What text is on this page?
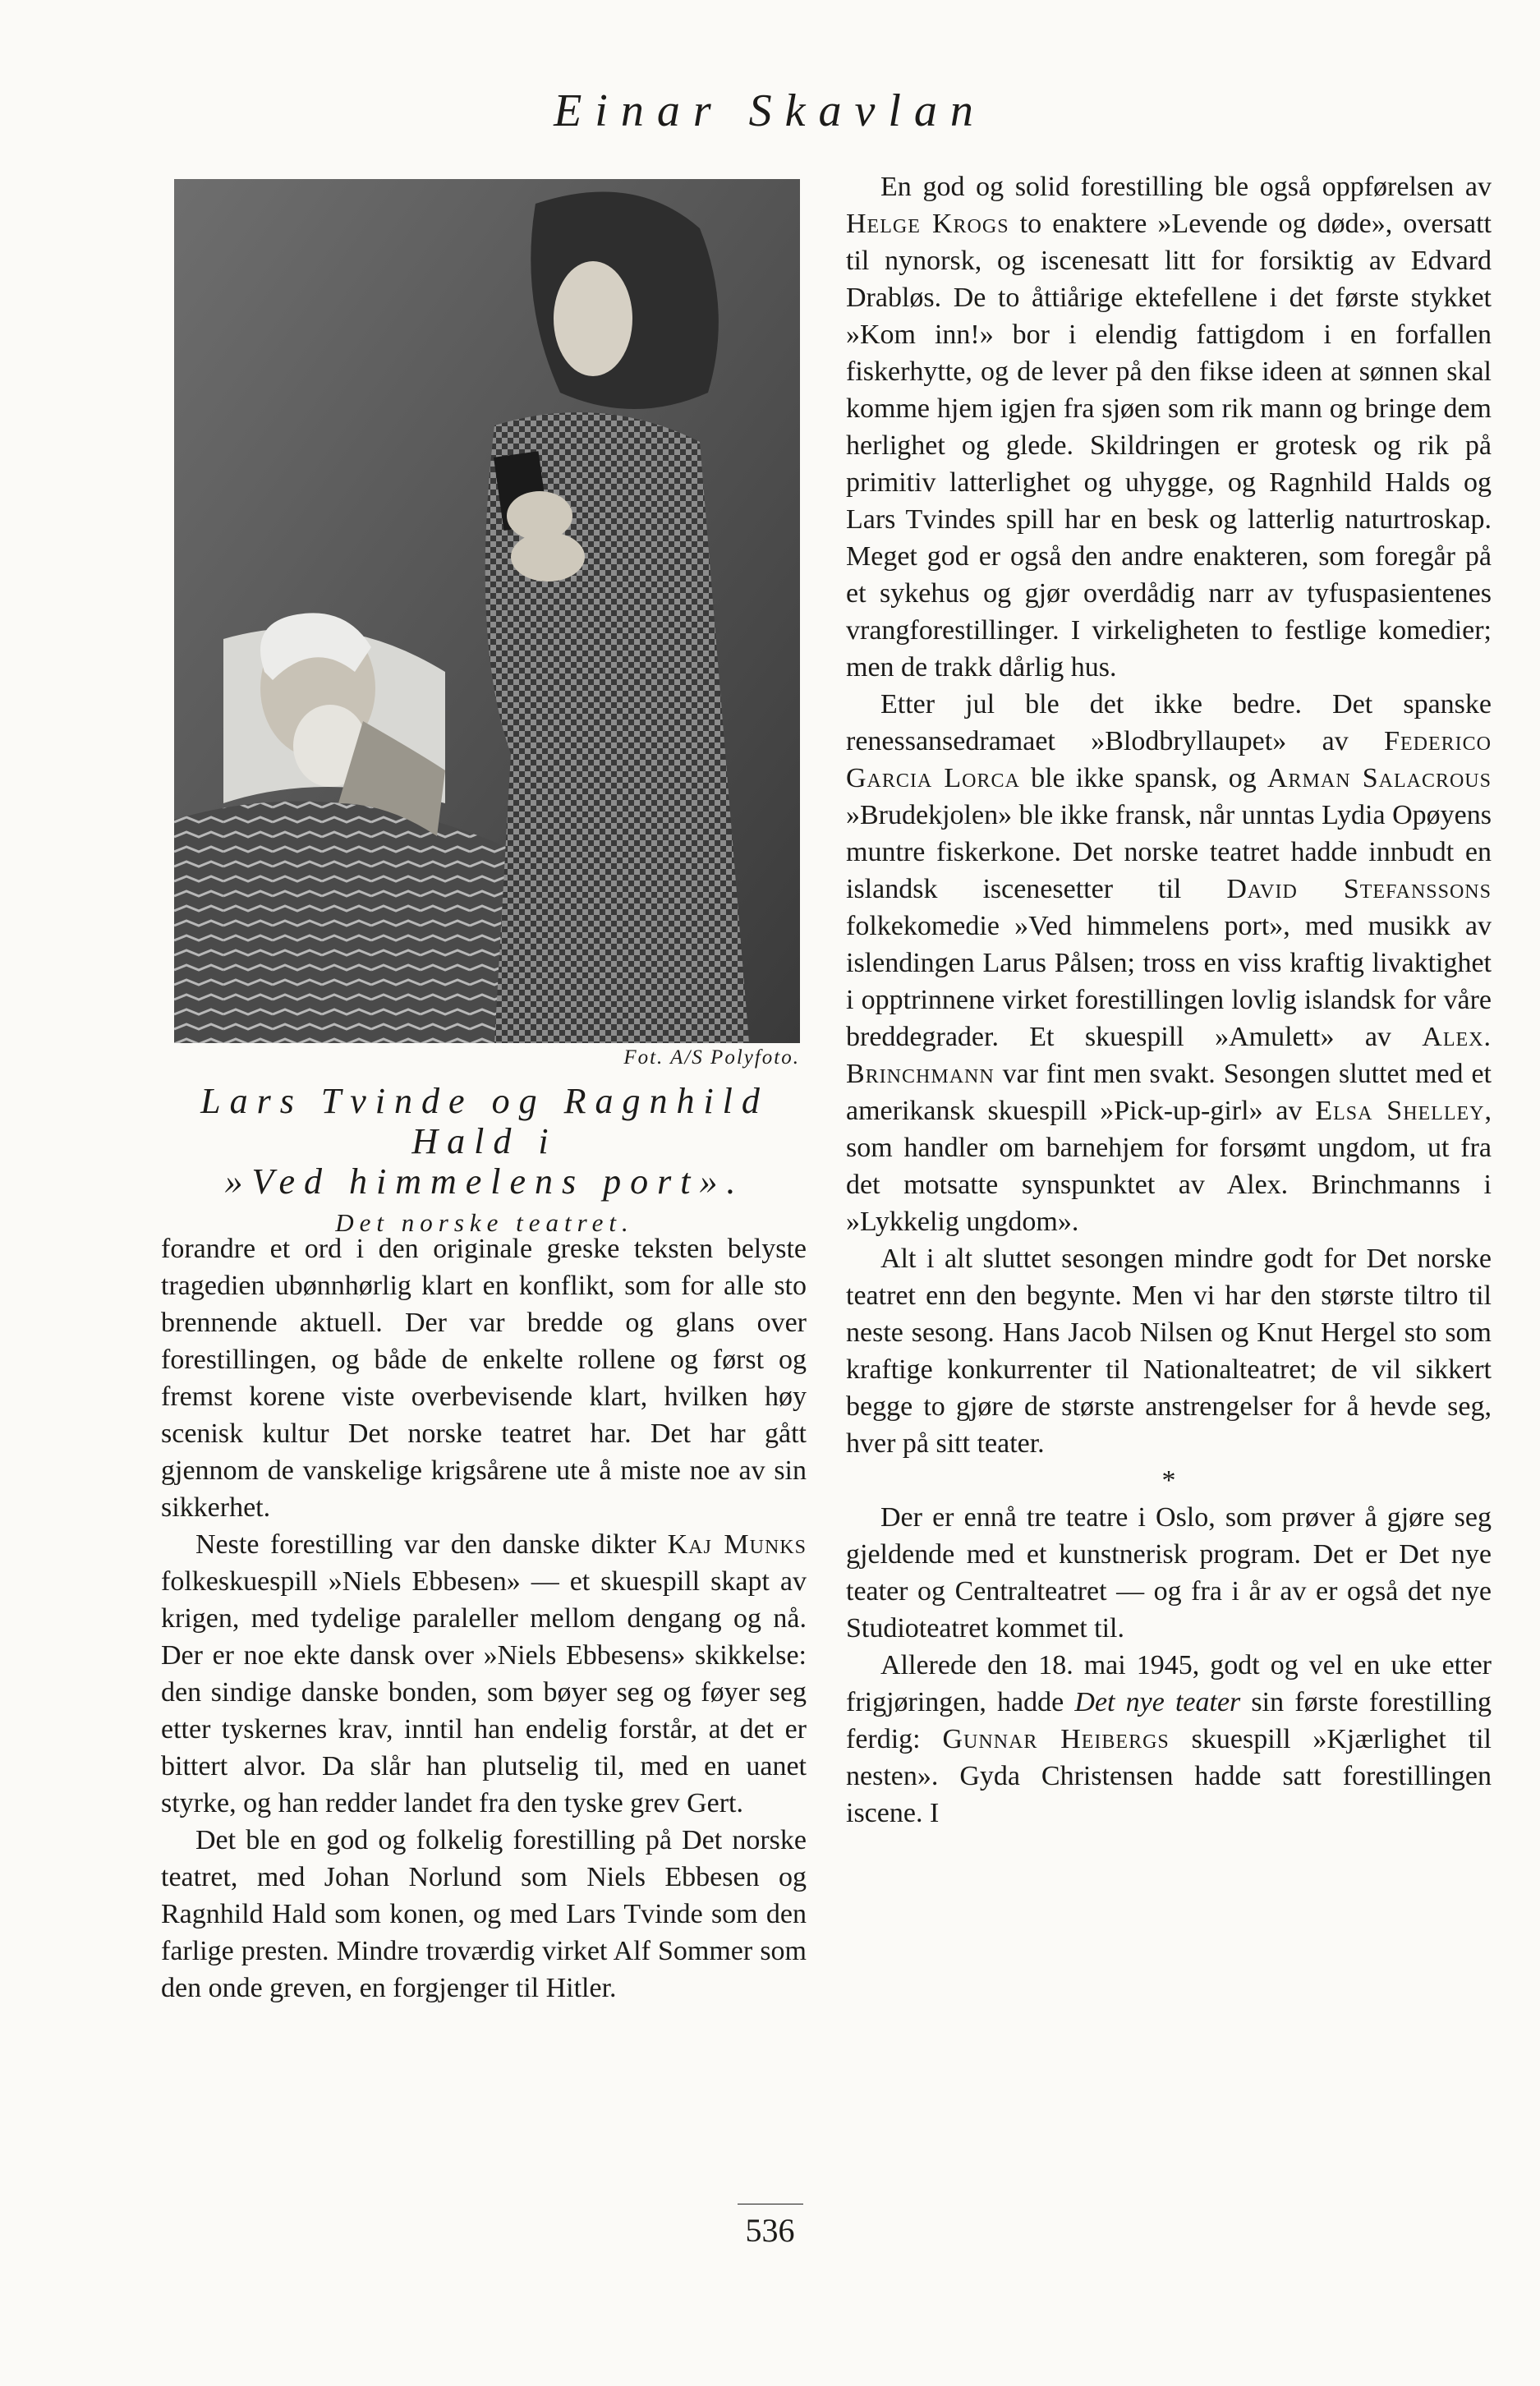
Einar Skavlan
Fot. A/S Polyfoto.
Lars Tvinde og Ragnhild Hald i
»Ved himmelens port».
Det norske teatret.

forandre et ord i den originale greske teksten belyste tragedien ubønnhørlig klart en konflikt, som for alle sto brennende aktuell. Der var bredde og glans over forestillingen, og både de enkelte rollene og først og fremst korene viste overbevisende klart, hvilken høy scenisk kultur Det norske teatret har. Det har gått gjennom de vanskelige krigsårene ute å miste noe av sin sikkerhet.

Neste forestilling var den danske dikter Kaj Munks folkeskuespill »Niels Ebbesen» — et skuespill skapt av krigen, med tydelige paraleller mellom dengang og nå. Der er noe ekte dansk over »Niels Ebbesens» skikkelse: den sindige danske bonden, som bøyer seg og føyer seg etter tyskernes krav, inntil han endelig forstår, at det er bittert alvor. Da slår han plutselig til, med en uanet styrke, og han redder landet fra den tyske grev Gert.

Det ble en god og folkelig forestilling på Det norske teatret, med Johan Norlund som Niels Ebbesen og Ragnhild Hald som konen, og med Lars Tvinde som den farlige presten. Mindre troværdig virket Alf Sommer som den onde greven, en forgjenger til Hitler.

En god og solid forestilling ble også oppførelsen av Helge Krogs to enaktere »Levende og døde», oversatt til nynorsk, og iscenesatt litt for forsiktig av Edvard Drabløs. De to åttiårige ektefellene i det første stykket »Kom inn!» bor i elendig fattigdom i en forfallen fiskerhytte, og de lever på den fikse ideen at sønnen skal komme hjem igjen fra sjøen som rik mann og bringe dem herlighet og glede. Skildringen er grotesk og rik på primitiv latterlighet og uhygge, og Ragnhild Halds og Lars Tvindes spill har en besk og latterlig naturtroskap. Meget god er også den andre enakteren, som foregår på et sykehus og gjør overdådig narr av tyfuspasientenes vrangforestillinger. I virkeligheten to festlige komedier; men de trakk dårlig hus.

Etter jul ble det ikke bedre. Det spanske renessansedramaet »Blodbryllaupet» av Federico Garcia Lorca ble ikke spansk, og Arman Salacrous »Brudekjolen» ble ikke fransk, når unntas Lydia Opøyens muntre fiskerkone. Det norske teatret hadde innbudt en islandsk iscenesetter til David Stefanssons folkekomedie »Ved himmelens port», med musikk av islendingen Larus Pålsen; tross en viss kraftig livaktighet i opptrinnene virket forestillingen lovlig islandsk for våre breddegrader. Et skuespill »Amulett» av Alex. Brinchmann var fint men svakt. Sesongen sluttet med et amerikansk skuespill »Pick-up-girl» av Elsa Shelley, som handler om barnehjem for forsømt ungdom, ut fra det motsatte synspunktet av Alex. Brinchmanns i »Lykkelig ungdom».

Alt i alt sluttet sesongen mindre godt for Det norske teatret enn den begynte. Men vi har den største tiltro til neste sesong. Hans Jacob Nilsen og Knut Hergel sto som kraftige konkurrenter til Nationalteatret; de vil sikkert begge to gjøre de største anstrengelser for å hevde seg, hver på sitt teater.

*

Der er ennå tre teatre i Oslo, som prøver å gjøre seg gjeldende med et kunstnerisk program. Det er Det nye teater og Centralteatret — og fra i år av er også det nye Studioteatret kommet til.

Allerede den 18. mai 1945, godt og vel en uke etter frigjøringen, hadde Det nye teater sin første forestilling ferdig: Gunnar Heibergs skuespill »Kjærlighet til nesten». Gyda Christensen hadde satt forestillingen iscene. I

536
